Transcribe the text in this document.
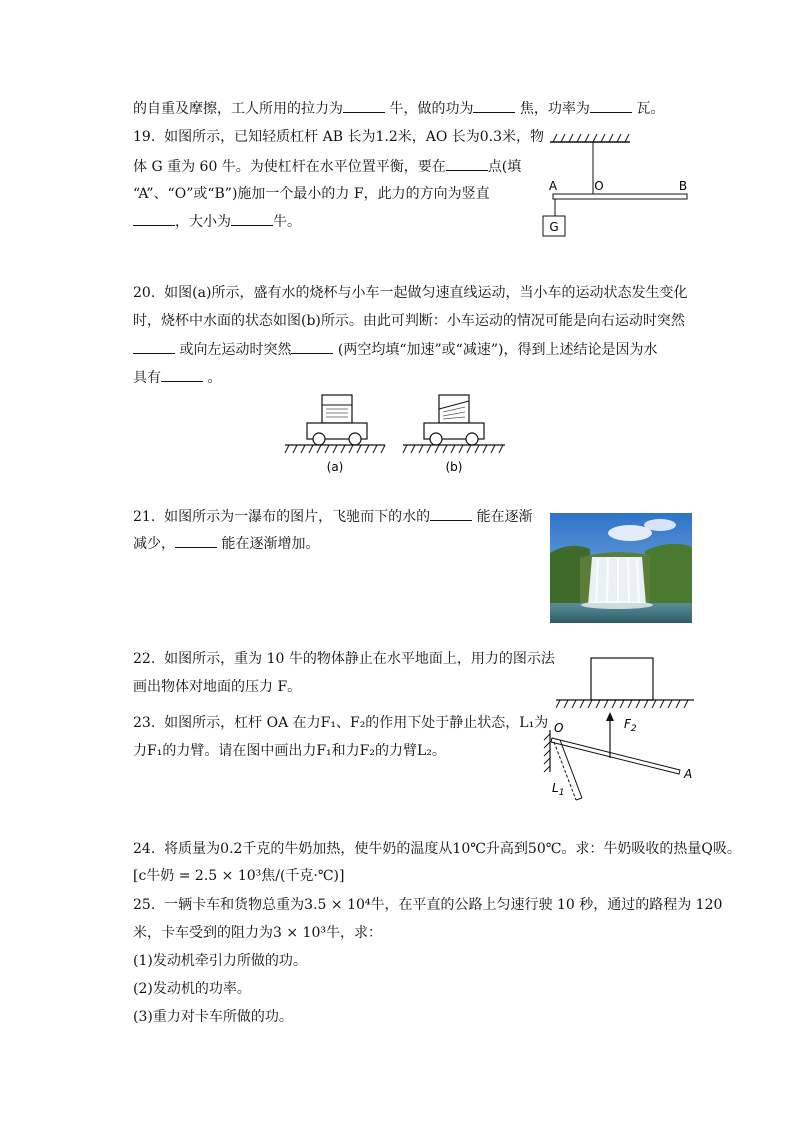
的自重及摩擦，工人所用的拉力为	牛，做的功为	焦，功率为	瓦。
19. 如图所示，已知轻质杠杆 AB 长为1.2米，AO 长为0.3米，物
体 G 重为 60 牛。为使杠杆在水平位置平衡，要在	点(填
“A”、“O”或“B”)施加一个最小的力 F，此力的方向为竖直
，大小为	牛。	G
A	O	B
20. 如图(a)所示，盛有水的烧杯与小车一起做匀速直线运动，当小车的运动状态发生变化
时，烧杯中水面的状态如图(b)所示。由此可判断：小车运动的情况可能是向右运动时突然
或向左运动时突然	(两空均填“加速”或“减速”)，得到上述结论是因为水
具有	。
(a)	(b)
21. 如图所示为一瀑布的图片，飞驰而下的水的	能在逐渐
减少，	能在逐渐增加。
22. 如图所示，重为 10 牛的物体静止在水平地面上，用力的图示法
画出物体对地面的压力 F。
23. 如图所示，杠杆 OA 在力F₁、F₂的作用下处于静止状态，L₁为
力F₁的力臂。请在图中画出力F₁和力F₂的力臂L₂。
O
A
$F_2$
$L_1$
24. 将质量为0.2千克的牛奶加热，使牛奶的温度从10℃升高到50℃。求：牛奶吸收的热量Q吸。
[c牛奶 = 2.5 × 10³焦/(千克·℃)]
25. 一辆卡车和货物总重为3.5 × 10⁴牛，在平直的公路上匀速行驶 10 秒，通过的路程为 120
米，卡车受到的阻力为3 × 10³牛，求：
(1)发动机牵引力所做的功。
(2)发动机的功率。
(3)重力对卡车所做的功。
